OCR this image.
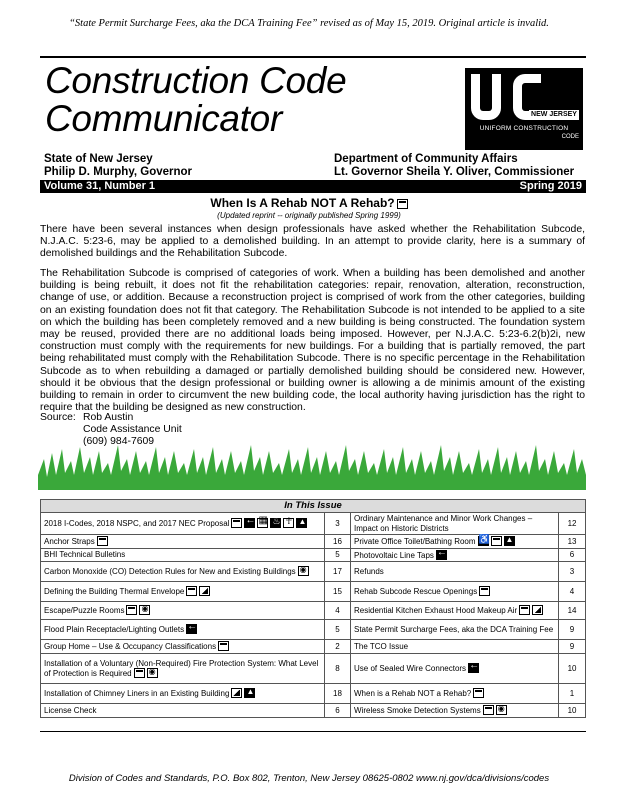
“State Permit Surcharge Fees, aka the DCA Training Fee” revised as of May 15, 2019. Original article is invalid.
Construction Code
Communicator	NEW JERSEY
UNIFORM CONSTRUCTION
CODE
State of New Jersey
Philip D. Murphy, Governor
Department of Community Affairs
Lt. Governor Sheila Y. Oliver, Commissioner
Volume 31, Number 1	Spring 2019
When Is A Rehab NOT A Rehab?
(Updated reprint -- originally published Spring 1999)
There have been several instances when design professionals have asked whether the Rehabilitation Subcode, N.J.A.C. 5:23-6, may be applied to a demolished building. In an attempt to provide clarity, here is a summary of demolished buildings and the Rehabilitation Subcode.
The Rehabilitation Subcode is comprised of categories of work. When a building has been demolished and another building is being rebuilt, it does not fit the rehabilitation categories: repair, renovation, alteration, reconstruction, change of use, or addition. Because a reconstruction project is comprised of work from the other categories, building on an existing foundation does not fit that category. The Rehabilitation Subcode is not intended to be applied to a site on which the building has been completely removed and a new building is being constructed. The foundation system may be reused, provided there are no additional loads being imposed. However, per N.J.A.C. 5:23-6.2(b)2i, new construction must comply with the requirements for new buildings. For a building that is partially removed, the part being rehabilitated must comply with the Rehabilitation Subcode. There is no specific percentage in the Rehabilitation Subcode as to when rebuilding a damaged or partially demolished building should be considered new. However, should it be obvious that the design professional or building owner is allowing a de minimis amount of the existing building to remain in order to circumvent the new building code, the local authority having jurisdiction has the right to require that the building be designed as new construction.
Source: Rob Austin
Code Assistance Unit
(609) 984-7609
In This Issue			
2018 I-Codes, 2018 NSPC, and 2017 NEC Proposal←▦♨☥▲	3	Ordinary Maintenance and Minor Work Changes – Impact on Historic Districts	12
Anchor Straps	16	Private Office Toilet/Bathing Room♿▲	13
BHI Technical Bulletins	5	Photovoltaic Line Taps←	6
Carbon Monoxide (CO) Detection Rules for New and Existing Buildings◉	17	Refunds	3
Defining the Building Thermal Envelope	15	Rehab Subcode Rescue Openings	4
Escape/Puzzle Rooms◉	4	Residential Kitchen Exhaust Hood Makeup Air	14
Flood Plain Receptacle/Lighting Outlets←	5	State Permit Surcharge Fees, aka the DCA Training Fee	9
Group Home – Use & Occupancy Classifications	2	The TCO Issue	9
Installation of a Voluntary (Non-Required) Fire Protection System: What Level of Protection is Required◉	8	Use of Sealed Wire Connectors←	10
Installation of Chimney Liners in an Existing Building▲	18	When is a Rehab NOT a Rehab?	1
License Check	6	Wireless Smoke Detection Systems◉	10
Division of Codes and Standards, P.O. Box 802, Trenton, New Jersey 08625-0802 www.nj.gov/dca/divisions/codes
